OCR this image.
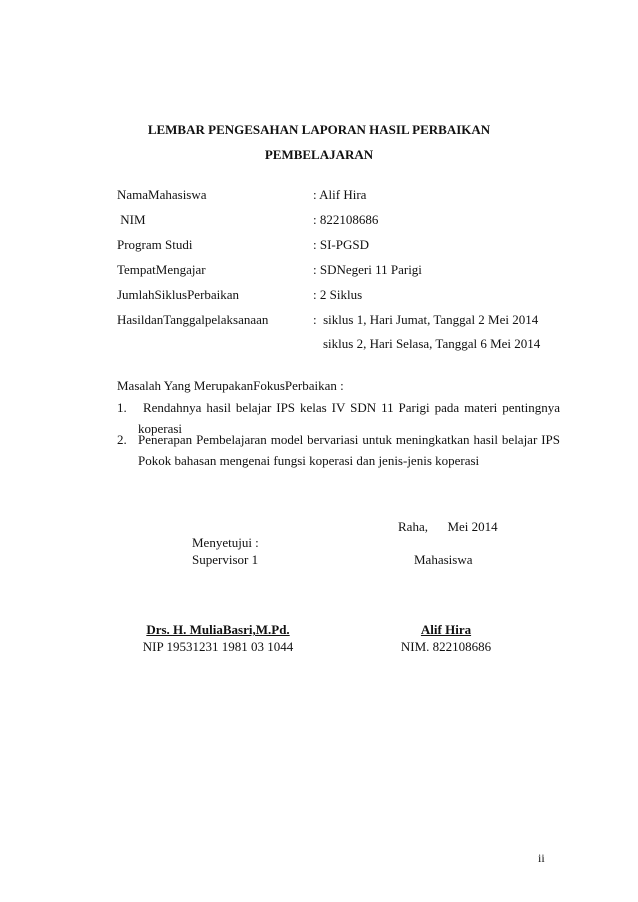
LEMBAR PENGESAHAN LAPORAN HASIL PERBAIKAN
PEMBELAJARAN
NamaMahasiswa	: Alif Hira
NIM	: 822108686
Program Studi	: SI-PGSD
TempatMengajar	: SDNegeri 11 Parigi
JumlahSiklusPerbaikan	: 2 Siklus
HasildanTanggalpelaksanaan	:  siklus 1, Hari Jumat, Tanggal 2 Mei 2014
siklus 2, Hari Selasa, Tanggal 6 Mei 2014
Masalah Yang MerupakanFokusPerbaikan :
1. Rendahnya hasil belajar IPS kelas IV SDN 11 Parigi pada materi pentingnya koperasi
2. Penerapan Pembelajaran model bervariasi untuk meningkatkan hasil belajar IPS Pokok bahasan mengenai fungsi koperasi dan jenis-jenis koperasi
Raha,      Mei 2014
Menyetujui :
Supervisor 1	Mahasiswa
Drs. H. MuliaBasri,M.Pd.
NIP 19531231 1981 03 1044
Alif Hira
NIM. 822108686
ii
